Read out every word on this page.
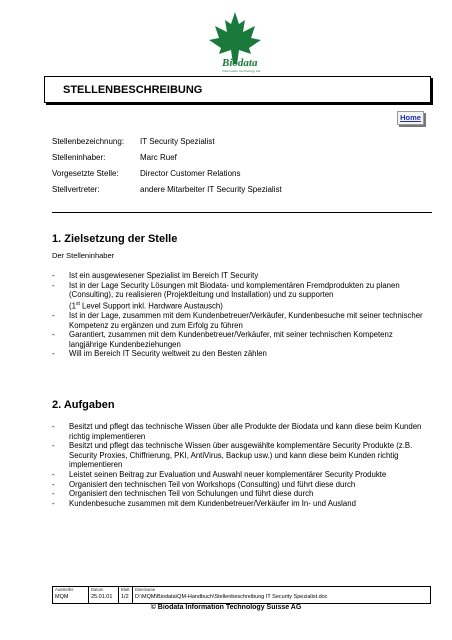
Biodata
Information Technology AG
STELLENBESCHREIBUNG
Home
Stellenbezeichnung: IT Security Spezialist
Stelleninhaber:	Marc Ruef
Vorgesetzte Stelle:	Director Customer Relations
Stellvertreter:	andere Mitarbeiter IT Security Spezialist
1. Zielsetzung der Stelle
Der Stelleninhaber
- Ist ein ausgewiesener Spezialist im Bereich IT Security
- Ist in der Lage Security Lösungen mit Biodata- und komplementären Fremdprodukten zu planen (Consulting), zu realisieren (Projektleitung und Installation) und zu supporten
(1st Level Support inkl. Hardware Austausch)
- Ist in der Lage, zusammen mit dem Kundenbetreuer/Verkäufer, Kundenbesuche mit seiner technischer Kompetenz zu ergänzen und zum Erfolg zu führen
- Garantiert, zusammen mit dem Kundenbetreuer/Verkäufer, mit seiner technischen Kompetenz langjährige Kundenbeziehungen
- Will im Bereich IT Security weltweit zu den Besten zählen
2. Aufgaben
- Besitzt und pflegt das technische Wissen über alle Produkte der Biodata und kann diese beim Kunden richtig implementieren
- Besitzt und pflegt das technische Wissen über ausgewählte komplementäre Security Produkte (z.B. Security Proxies, Chiffrierung, PKI, AntiVirus, Backup usw.) und kann diese beim Kunden richtig implementieren
- Leistet seinen Beitrag zur Evaluation und Auswahl neuer komplementärer Security Produkte
- Organisiert den technischen Teil von Workshops (Consulting) und führt diese durch
- Organisiert den technischen Teil von Schulungen und führt diese durch
- Kundenbesuche zusammen mit dem Kundenbetreuer/Verkäufer im In- und Ausland
Aussteller	Datum	Blatt	Dateiname
MQM	25.01.01	1/2	D:\MQM\Biodata\QM-Handbuch\Stellenbeschreibung IT Security Spezialist.doc
© Biodata Information Technology Suisse AG
